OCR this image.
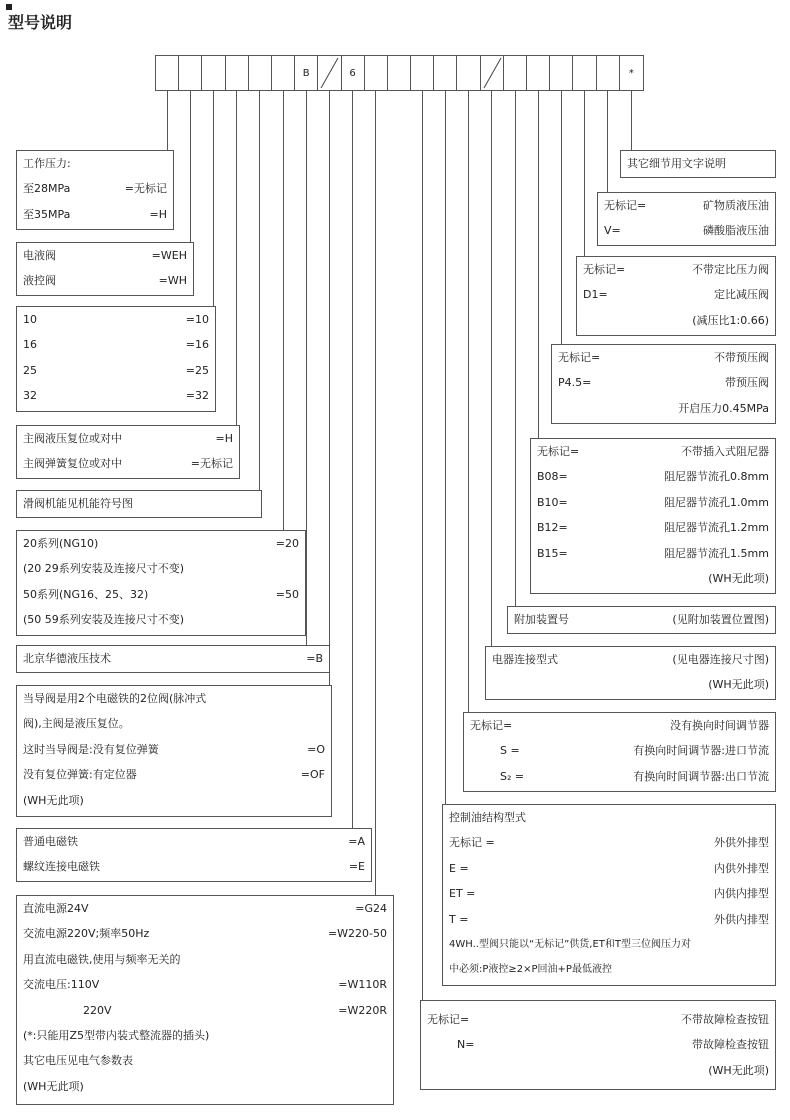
型号说明
B	6	*
工作压力:
至28MPa	=无标记
至35MPa	=H
电液阀	=WEH
液控阀	=WH
10	=10
16	=16
25	=25
32	=32
主阀液压复位或对中	=H
主阀弹簧复位或对中	=无标记
滑阀机能见机能符号图
20系列(NG10)	=20
(20 29系列安装及连接尺寸不变)
50系列(NG16、25、32)	=50
(50 59系列安装及连接尺寸不变)
北京华德液压技术	=B
当导阀是用2个电磁铁的2位阀(脉冲式
阀),主阀是液压复位。
这时当导阀是:没有复位弹簧	=O
没有复位弹簧:有定位器	=OF
(WH无此项)
普通电磁铁	=A
螺纹连接电磁铁	=E
直流电源24V	=G24
交流电源220V;频率50Hz	=W220-50
用直流电磁铁,使用与频率无关的
交流电压:110V	=W110R
220V	=W220R
(*:只能用Z5型带内装式整流器的插头)
其它电压见电气参数表
(WH无此项)
其它细节用文字说明
无标记=	矿物质液压油
V=	磷酸脂液压油
无标记=	不带定比压力阀
D1=	定比减压阀
(减压比1:0.66)
无标记=	不带预压阀
P4.5=	带预压阀
开启压力0.45MPa
无标记=	不带插入式阻尼器
B08=	阻尼器节流孔0.8mm
B10=	阻尼器节流孔1.0mm
B12=	阻尼器节流孔1.2mm
B15=	阻尼器节流孔1.5mm
(WH无此项)
附加装置号	(见附加装置位置图)
电器连接型式	(见电器连接尺寸图)
(WH无此项)
无标记=	没有换向时间调节器
S =	有换向时间调节器:进口节流
S₂ =	有换向时间调节器:出口节流
控制油结构型式
无标记 =	外供外排型
E =	内供外排型
ET =	内供内排型
T =	外供内排型
4WH..型阀只能以“无标记”供货,ET和T型三位阀压力对
中必须:P液控≥2×P回油+P最低液控
无标记=	不带故障检查按钮
N=	带故障检查按钮
(WH无此项)
